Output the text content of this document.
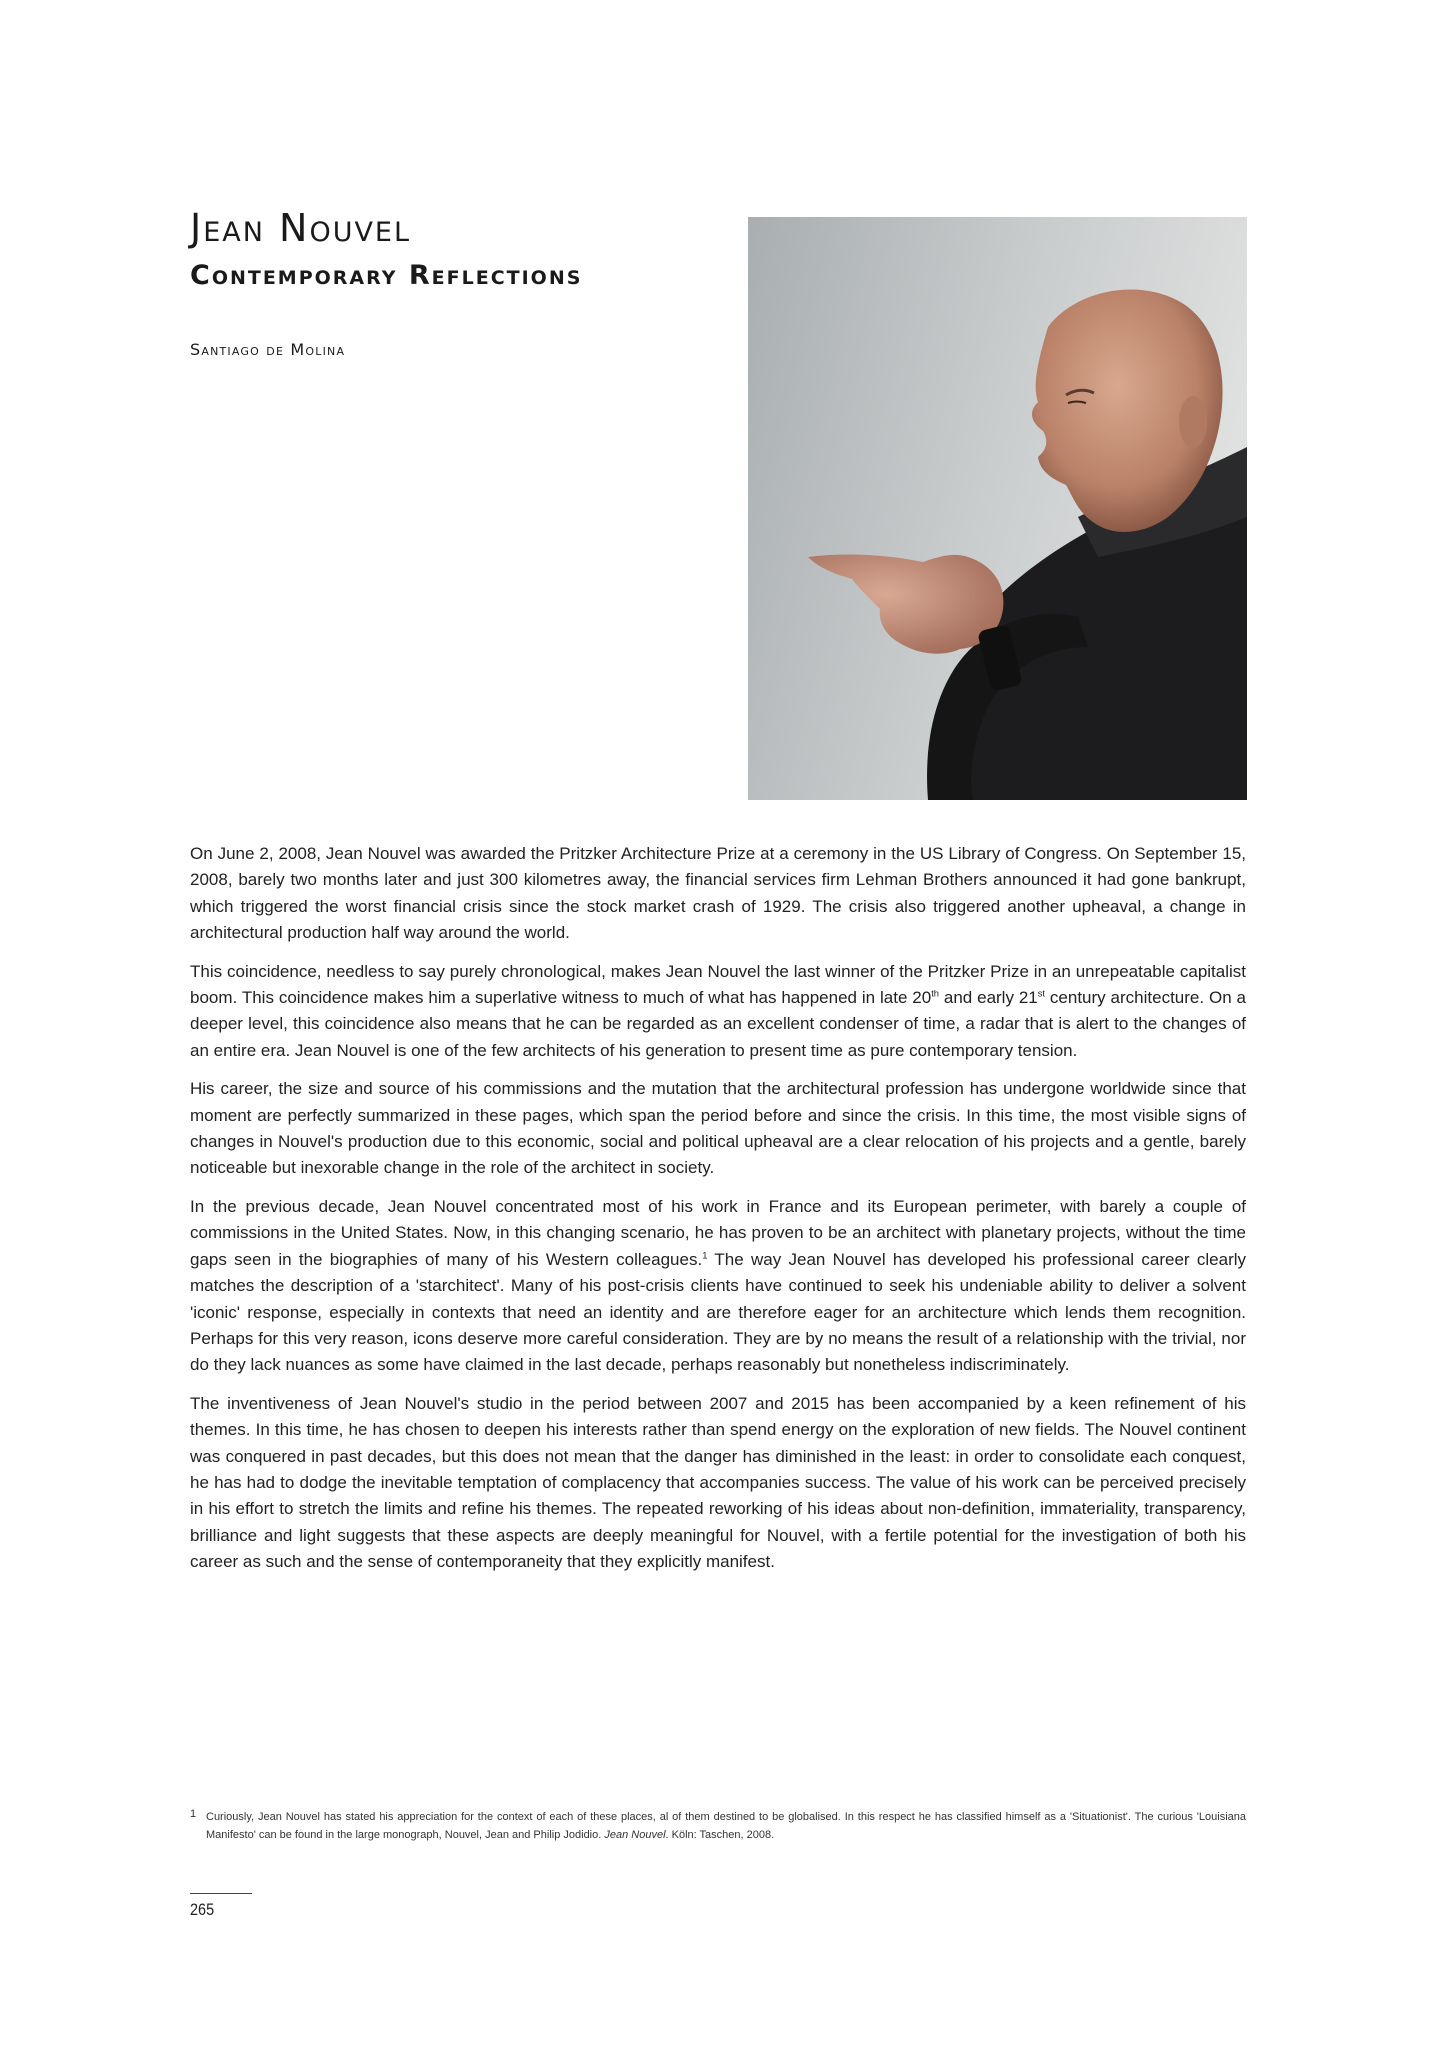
Jean Nouvel
Contemporary Reflections
Santiago de Molina

On June 2, 2008, Jean Nouvel was awarded the Pritzker Architecture Prize at a ceremony in the US Library of Congress. On September 15, 2008, barely two months later and just 300 kilometres away, the financial services firm Lehman Brothers announced it had gone bankrupt, which triggered the worst financial crisis since the stock market crash of 1929. The crisis also triggered another upheaval, a change in architectural production half way around the world.

This coincidence, needless to say purely chronological, makes Jean Nouvel the last winner of the Pritzker Prize in an unrepeatable capitalist boom. This coincidence makes him a superlative witness to much of what has happened in late 20th and early 21st century architecture. On a deeper level, this coincidence also means that he can be regarded as an excellent condenser of time, a radar that is alert to the changes of an entire era. Jean Nouvel is one of the few architects of his generation to present time as pure contemporary tension.

His career, the size and source of his commissions and the mutation that the architectural profession has undergone worldwide since that moment are perfectly summarized in these pages, which span the period before and since the crisis. In this time, the most visible signs of changes in Nouvel's production due to this economic, social and political upheaval are a clear relocation of his projects and a gentle, barely noticeable but inexorable change in the role of the architect in society.

In the previous decade, Jean Nouvel concentrated most of his work in France and its European perimeter, with barely a couple of commissions in the United States. Now, in this changing scenario, he has proven to be an architect with planetary projects, without the time gaps seen in the biographies of many of his Western colleagues.$^1$ The way Jean Nouvel has developed his professional career clearly matches the description of a 'starchitect'. Many of his post-crisis clients have continued to seek his undeniable ability to deliver a solvent 'iconic' response, especially in contexts that need an identity and are therefore eager for an architecture which lends them recognition. Perhaps for this very reason, icons deserve more careful consideration. They are by no means the result of a relationship with the trivial, nor do they lack nuances as some have claimed in the last decade, perhaps reasonably but nonetheless indiscriminately.

The inventiveness of Jean Nouvel's studio in the period between 2007 and 2015 has been accompanied by a keen refinement of his themes. In this time, he has chosen to deepen his interests rather than spend energy on the exploration of new fields. The Nouvel continent was conquered in past decades, but this does not mean that the danger has diminished in the least: in order to consolidate each conquest, he has had to dodge the inevitable temptation of complacency that accompanies success. The value of his work can be perceived precisely in his effort to stretch the limits and refine his themes. The repeated reworking of his ideas about non-definition, immateriality, transparency, brilliance and light suggests that these aspects are deeply meaningful for Nouvel, with a fertile potential for the investigation of both his career as such and the sense of contemporaneity that they explicitly manifest.

1 Curiously, Jean Nouvel has stated his appreciation for the context of each of these places, al of them destined to be globalised. In this respect he has classified himself as a 'Situationist'. The curious 'Louisiana Manifesto' can be found in the large monograph, Nouvel, Jean and Philip Jodidio. Jean Nouvel. Köln: Taschen, 2008.
265
